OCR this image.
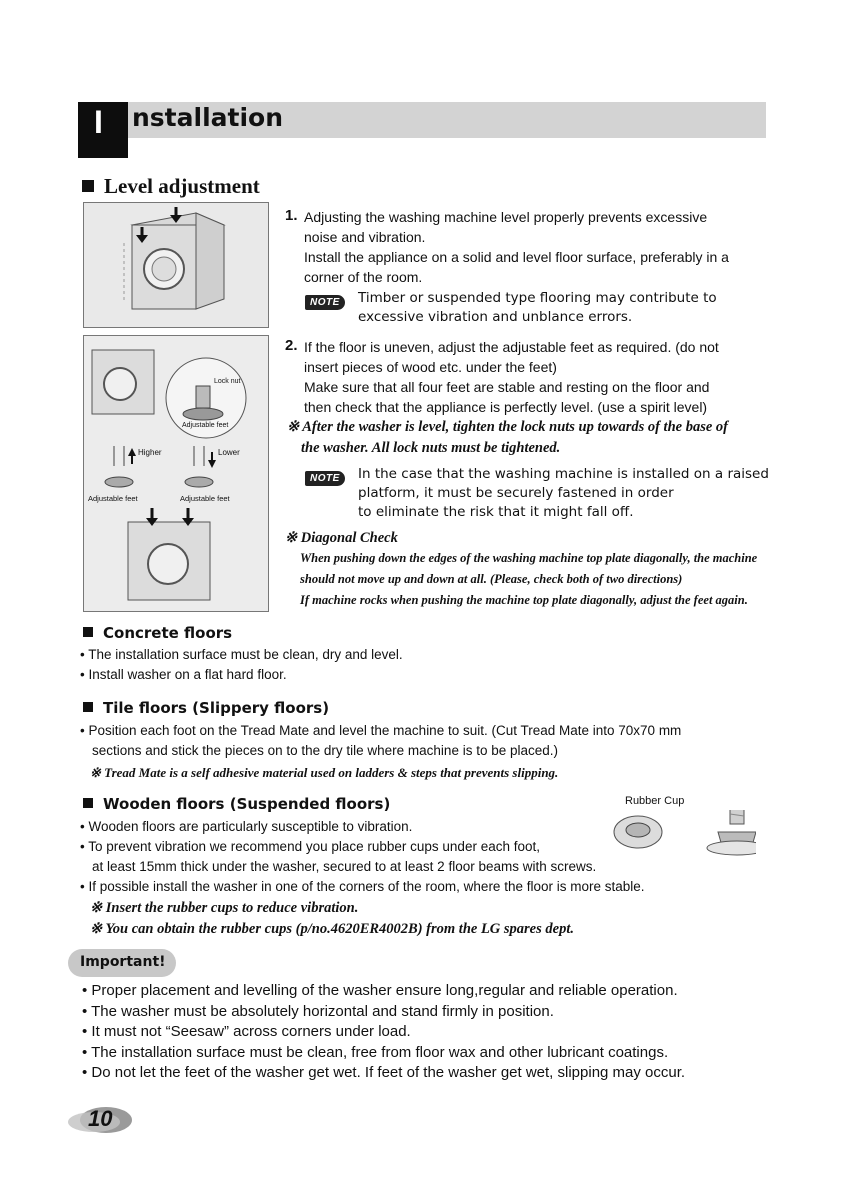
I nstallation
Level adjustment
Lock nut
Adjustable feet
Higher	Lower
Adjustable feet	Adjustable feet
1. Adjusting the washing machine level properly prevents excessive
noise and vibration.
Install the appliance on a solid and level floor surface, preferably in a
corner of the room.
NOTE	Timber or suspended type flooring may contribute to
excessive vibration and unblance errors.
2. If the floor is uneven, adjust the adjustable feet as required. (do not
insert pieces of wood etc. under the feet)
Make sure that all four feet are stable and resting on the floor and
then check that the appliance is perfectly level. (use a spirit level)
※ After the washer is level, tighten the lock nuts up towards of the base of
the washer. All lock nuts must be tightened.
NOTE	In the case that the washing machine is installed on a raised
platform, it must be securely fastened in order
to eliminate the risk that it might fall off.
※ Diagonal Check
When pushing down the edges of the washing machine top plate diagonally, the machine
should not move up and down at all. (Please, check both of two directions)
If machine rocks when pushing the machine top plate diagonally, adjust the feet again.
Concrete floors
• The installation surface must be clean, dry and level.
• Install washer on a flat hard floor.
Tile floors (Slippery floors)
• Position each foot on the Tread Mate and level the machine to suit. (Cut Tread Mate into 70x70 mm
sections and stick the pieces on to the dry tile where machine is to be placed.)
※ Tread Mate is a self adhesive material used on ladders & steps that prevents slipping.
Wooden floors (Suspended floors)	Rubber Cup
• Wooden floors are particularly susceptible to vibration.
• To prevent vibration we recommend you place rubber cups under each foot,
at least 15mm thick under the washer, secured to at least 2 floor beams with screws.
• If possible install the washer in one of the corners of the room, where the floor is more stable.
※ Insert the rubber cups to reduce vibration.
※ You can obtain the rubber cups (p/no.4620ER4002B) from the LG spares dept.
Important!
• Proper placement and levelling of the washer ensure long,regular and reliable operation.
• The washer must be absolutely horizontal and stand firmly in position.
• It must not “Seesaw” across corners under load.
• The installation surface must be clean, free from floor wax and other lubricant coatings.
• Do not let the feet of the washer get wet. If feet of the washer get wet, slipping may occur.
10
